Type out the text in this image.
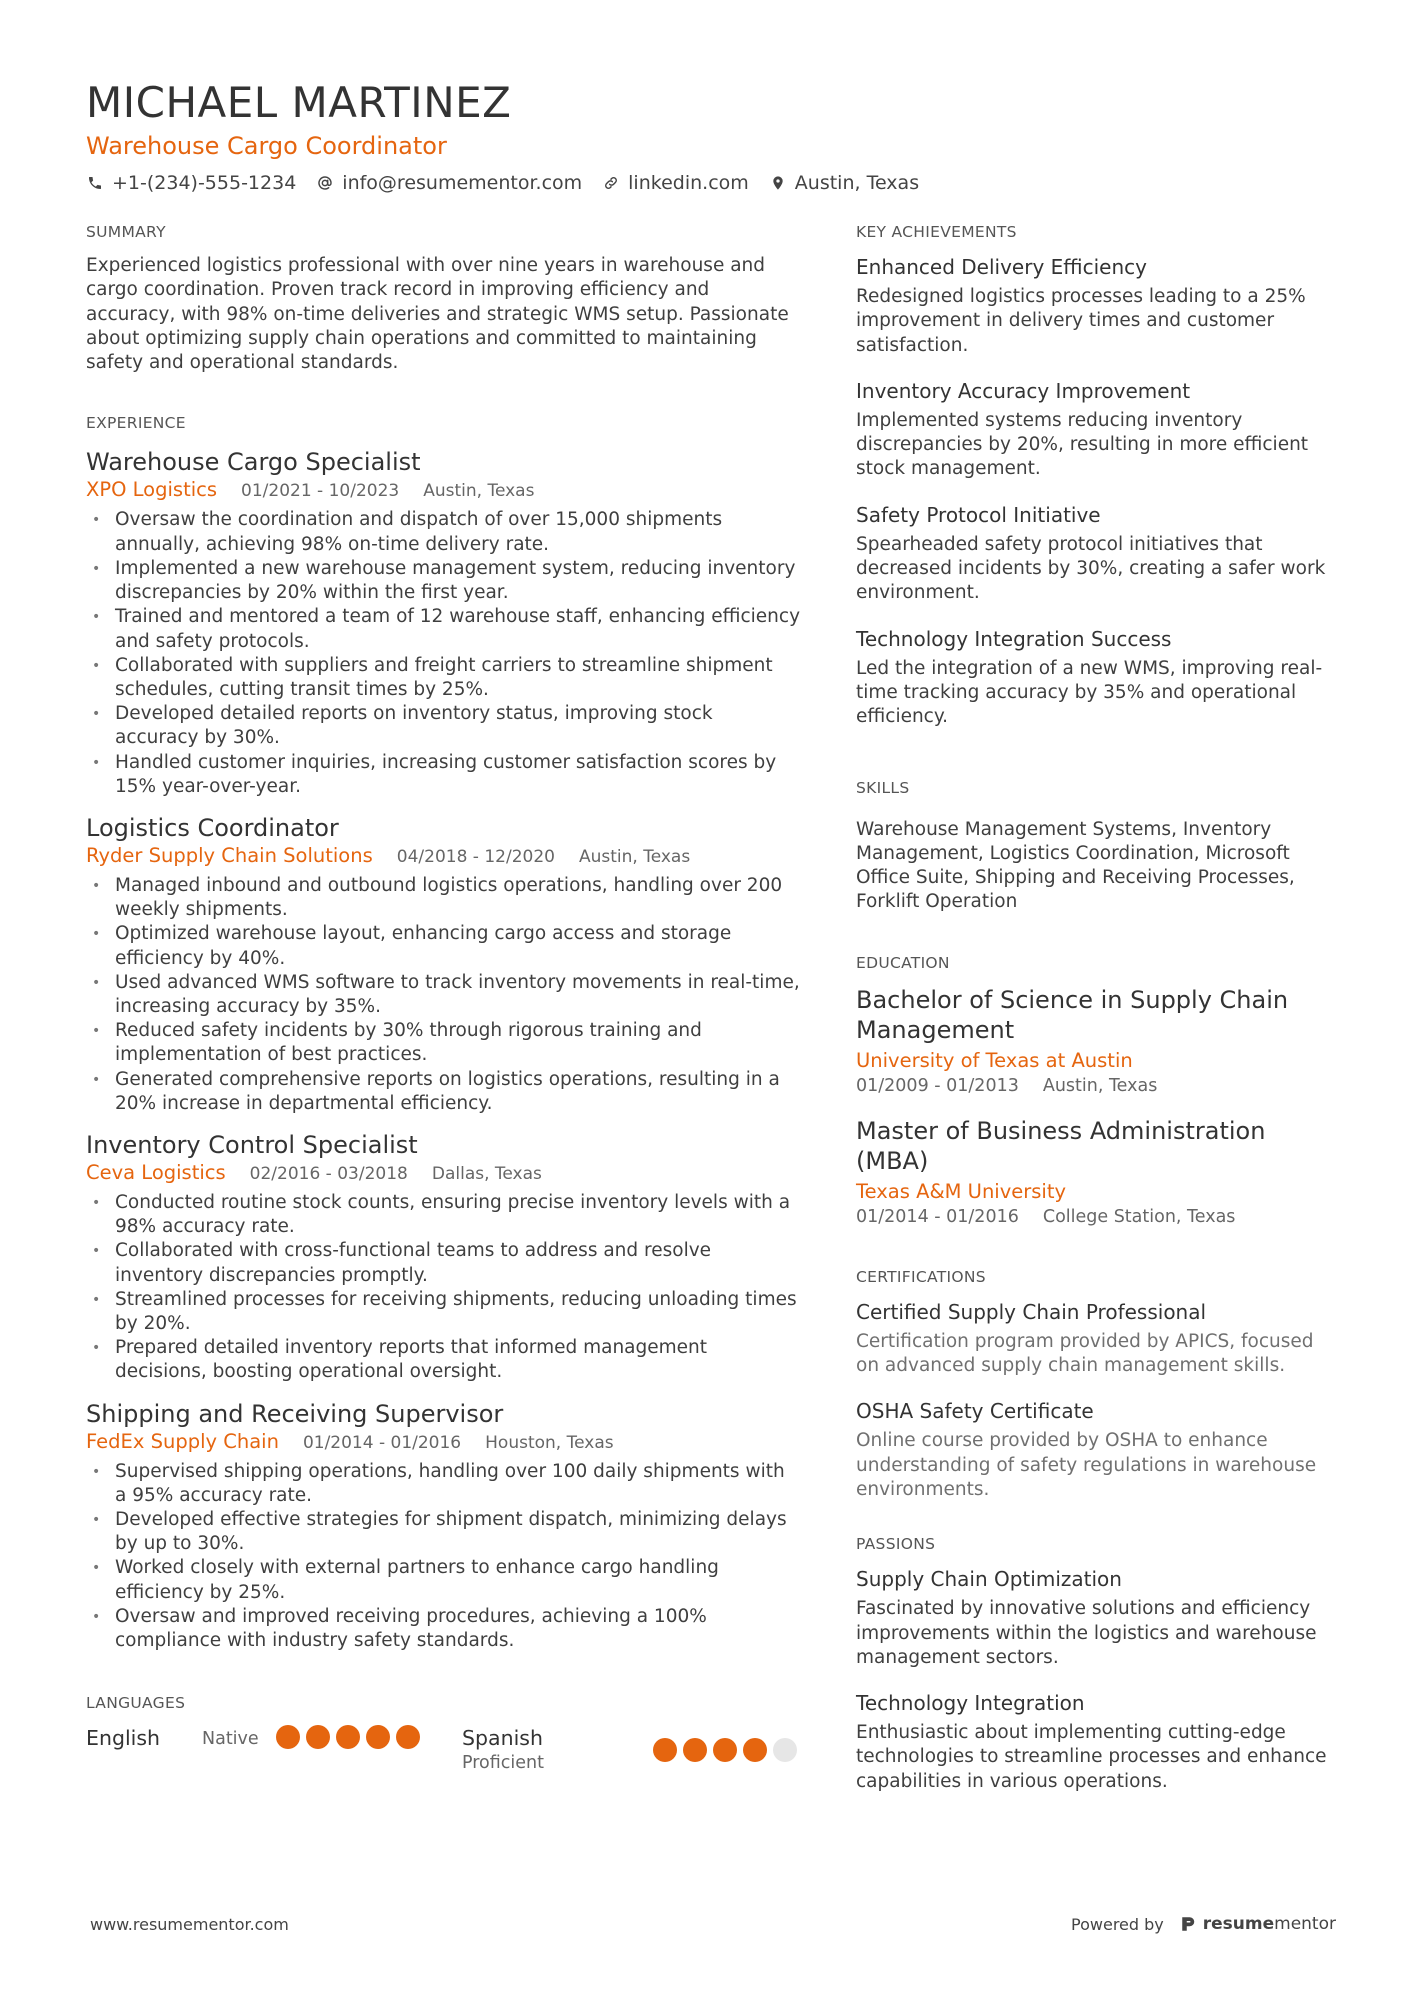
MICHAEL MARTINEZ
Warehouse Cargo Coordinator
+1-(234)-555-1234 info@resumementor.com linkedin.com Austin, Texas
SUMMARY

Experienced logistics professional with over nine years in warehouse and cargo coordination. Proven track record in improving efficiency and accuracy, with 98% on-time deliveries and strategic WMS setup. Passionate about optimizing supply chain operations and committed to maintaining safety and operational standards.

EXPERIENCE
Warehouse Cargo Specialist
XPO Logistics 01/2021 - 10/2023 Austin, Texas
• Oversaw the coordination and dispatch of over 15,000 shipments annually, achieving 98% on-time delivery rate.
• Implemented a new warehouse management system, reducing inventory discrepancies by 20% within the first year.
• Trained and mentored a team of 12 warehouse staff, enhancing efficiency and safety protocols.
• Collaborated with suppliers and freight carriers to streamline shipment schedules, cutting transit times by 25%.
• Developed detailed reports on inventory status, improving stock accuracy by 30%.
• Handled customer inquiries, increasing customer satisfaction scores by 15% year-over-year.
Logistics Coordinator
Ryder Supply Chain Solutions 04/2018 - 12/2020 Austin, Texas
• Managed inbound and outbound logistics operations, handling over 200 weekly shipments.
• Optimized warehouse layout, enhancing cargo access and storage efficiency by 40%.
• Used advanced WMS software to track inventory movements in real-time, increasing accuracy by 35%.
• Reduced safety incidents by 30% through rigorous training and implementation of best practices.
• Generated comprehensive reports on logistics operations, resulting in a 20% increase in departmental efficiency.
Inventory Control Specialist
Ceva Logistics 02/2016 - 03/2018 Dallas, Texas
• Conducted routine stock counts, ensuring precise inventory levels with a 98% accuracy rate.
• Collaborated with cross-functional teams to address and resolve inventory discrepancies promptly.
• Streamlined processes for receiving shipments, reducing unloading times by 20%.
• Prepared detailed inventory reports that informed management decisions, boosting operational oversight.
Shipping and Receiving Supervisor
FedEx Supply Chain 01/2014 - 01/2016 Houston, Texas
• Supervised shipping operations, handling over 100 daily shipments with a 95% accuracy rate.
• Developed effective strategies for shipment dispatch, minimizing delays by up to 30%.
• Worked closely with external partners to enhance cargo handling efficiency by 25%.
• Oversaw and improved receiving procedures, achieving a 100% compliance with industry safety standards.
LANGUAGES
English	Native	Spanish
Proficient
KEY ACHIEVEMENTS
Enhanced Delivery Efficiency
Redesigned logistics processes leading to a 25% improvement in delivery times and customer satisfaction.
Inventory Accuracy Improvement
Implemented systems reducing inventory discrepancies by 20%, resulting in more efficient stock management.
Safety Protocol Initiative
Spearheaded safety protocol initiatives that decreased incidents by 30%, creating a safer work environment.
Technology Integration Success
Led the integration of a new WMS, improving real-time tracking accuracy by 35% and operational efficiency.
SKILLS

Warehouse Management Systems, Inventory Management, Logistics Coordination, Microsoft Office Suite, Shipping and Receiving Processes, Forklift Operation

EDUCATION
Bachelor of Science in Supply Chain Management
University of Texas at Austin
01/2009 - 01/2013 Austin, Texas
Master of Business Administration (MBA)
Texas A&M University
01/2014 - 01/2016 College Station, Texas
CERTIFICATIONS
Certified Supply Chain Professional
Certification program provided by APICS, focused on advanced supply chain management skills.
OSHA Safety Certificate
Online course provided by OSHA to enhance understanding of safety regulations in warehouse environments.
PASSIONS
Supply Chain Optimization
Fascinated by innovative solutions and efficiency improvements within the logistics and warehouse management sectors.
Technology Integration
Enthusiastic about implementing cutting-edge technologies to streamline processes and enhance capabilities in various operations.
www.resumementor.com	Powered by resumementor
